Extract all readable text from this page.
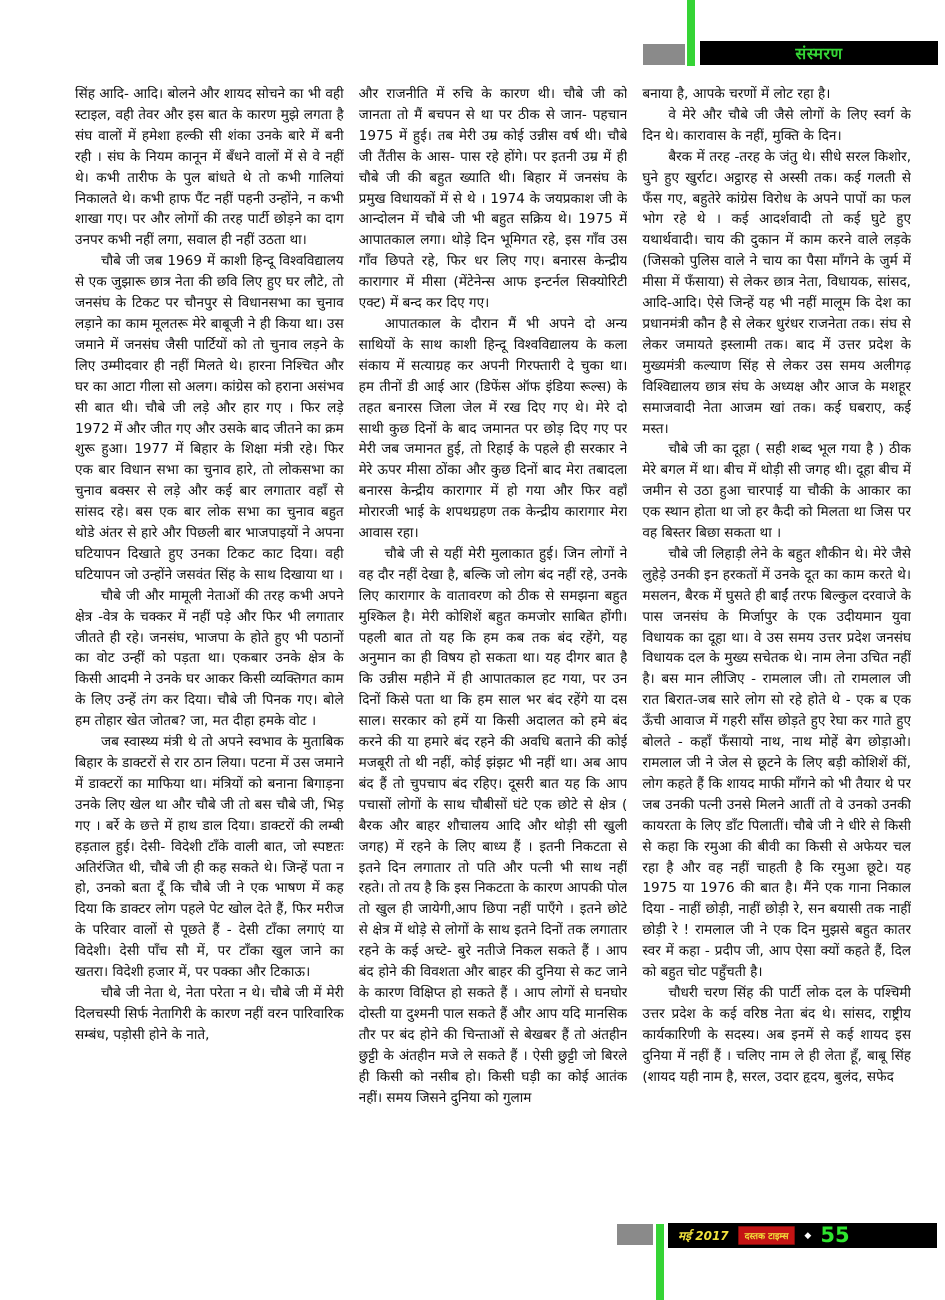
संस्मरण

सिंह आदि- आदि। बोलने और शायद सोचने का भी वही स्टाइल, वही तेवर और इस बात के कारण मुझे लगता है संघ वालों में हमेशा हल्की सी शंका उनके बारे में बनी रही । संघ के नियम कानून में बँधने वालों में से वे नहीं थे। कभी तारीफ के पुल बांधते थे तो कभी गालियां निकालते थे। कभी हाफ पैंट नहीं पहनी उन्होंने, न कभी शाखा गए। पर और लोगों की तरह पार्टी छोड़ने का दाग उनपर कभी नहीं लगा, सवाल ही नहीं उठता था।

चौबे जी जब 1969 में काशी हिन्दू विश्वविद्यालय से एक जुझारू छात्र नेता की छवि लिए हुए घर लौटे, तो जनसंघ के टिकट पर चौनपुर से विधानसभा का चुनाव लड़ाने का काम मूलतरू मेरे बाबूजी ने ही किया था। उस जमाने में जनसंघ जैसी पार्टियों को तो चुनाव लड़ने के लिए उम्मीदवार ही नहीं मिलते थे। हारना निश्चित और घर का आटा गीला सो अलग। कांग्रेस को हराना असंभव सी बात थी। चौबे जी लड़े और हार गए । फिर लड़े 1972 में और जीत गए और उसके बाद जीतने का क्रम शुरू हुआ। 1977 में बिहार के शिक्षा मंत्री रहे। फिर एक बार विधान सभा का चुनाव हारे, तो लोकसभा का चुनाव बक्सर से लड़े और कई बार लगातार वहाँ से सांसद रहे। बस एक बार लोक सभा का चुनाव बहुत थोडे अंतर से हारे और पिछली बार भाजपाइयों ने अपना घटियापन दिखाते हुए उनका टिकट काट दिया। वही घटियापन जो उन्होंने जसवंत सिंह के साथ दिखाया था ।

चौबे जी और मामूली नेताओं की तरह कभी अपने क्षेत्र -वेत्र के चक्कर में नहीं पड़े और फिर भी लगातार जीतते ही रहे। जनसंघ, भाजपा के होते हुए भी पठानों का वोट उन्हीं को पड़ता था। एकबार उनके क्षेत्र के किसी आदमी ने उनके घर आकर किसी व्यक्तिगत काम के लिए उन्हें तंग कर दिया। चौबे जी पिनक गए। बोले हम तोहार खेत जोतब? जा, मत दीहा हमके वोट ।

जब स्वास्थ्य मंत्री थे तो अपने स्वभाव के मुताबिक बिहार के डाक्टरों से रार ठान लिया। पटना में उस जमाने में डाक्टरों का माफिया था। मंत्रियों को बनाना बिगाड़ना उनके लिए खेल था और चौबे जी तो बस चौबे जी, भिड़ गए । बर्रे के छत्ते में हाथ डाल दिया। डाक्टरों की लम्बी हड़ताल हुई। देसी- विदेशी टाँके वाली बात, जो स्पष्टतः अतिरंजित थी, चौबे जी ही कह सकते थे। जिन्हें पता न हो, उनको बता दूँ कि चौबे जी ने एक भाषण में कह दिया कि डाक्टर लोग पहले पेट खोल देते हैं, फिर मरीज के परिवार वालों से पूछते हैं - देसी टाँका लगाएं या विदेशी। देसी पाँच सौ में, पर टाँका खुल जाने का खतरा। विदेशी हजार में, पर पक्का और टिकाऊ।

चौबे जी नेता थे, नेता परेता न थे। चौबे जी में मेरी दिलचस्पी सिर्फ नेतागिरी के कारण नहीं वरन पारिवारिक सम्बंध, पड़ोसी होने के नाते,

और राजनीति में रुचि के कारण थी। चौबे जी को जानता तो मैं बचपन से था पर ठीक से जान- पहचान 1975 में हुई। तब मेरी उम्र कोई उन्नीस वर्ष थी। चौबे जी तैंतीस के आस- पास रहे होंगे। पर इतनी उम्र में ही चौबे जी की बहुत ख्याति थी। बिहार में जनसंघ के प्रमुख विधायकों में से थे । 1974 के जयप्रकाश जी के आन्दोलन में चौबे जी भी बहुत सक्रिय थे। 1975 में आपातकाल लगा। थोड़े दिन भूमिगत रहे, इस गाँव उस गाँव छिपते रहे, फिर धर लिए गए। बनारस केन्द्रीय कारागार में मीसा (मेंटेनेन्स आफ इन्टर्नल सिक्योरिटी एक्ट) में बन्द कर दिए गए।

आपातकाल के दौरान मैं भी अपने दो अन्य साथियों के साथ काशी हिन्दू विश्वविद्यालय के कला संकाय में सत्याग्रह कर अपनी गिरफ्तारी दे चुका था। हम तीनों डी आई आर (डिफेंस ऑफ इंडिया रूल्स) के तहत बनारस जिला जेल में रख दिए गए थे। मेरे दो साथी कुछ दिनों के बाद जमानत पर छोड़ दिए गए पर मेरी जब जमानत हुई, तो रिहाई के पहले ही सरकार ने मेरे ऊपर मीसा ठोंका और कुछ दिनों बाद मेरा तबादला बनारस केन्द्रीय कारागार में हो गया और फिर वहाँ मोरारजी भाई के शपथग्रहण तक केन्द्रीय कारागार मेरा आवास रहा।

चौबे जी से यहीं मेरी मुलाकात हुई। जिन लोगों ने वह दौर नहीं देखा है, बल्कि जो लोग बंद नहीं रहे, उनके लिए कारागार के वातावरण को ठीक से समझना बहुत मुश्किल है। मेरी कोशिशें बहुत कमजोर साबित होंगी। पहली बात तो यह कि हम कब तक बंद रहेंगे, यह अनुमान का ही विषय हो सकता था। यह दीगर बात है कि उन्नीस महीने में ही आपातकाल हट गया, पर उन दिनों किसे पता था कि हम साल भर बंद रहेंगे या दस साल। सरकार को हमें या किसी अदालत को हमे बंद करने की या हमारे बंद रहने की अवधि बताने की कोई मजबूरी तो थी नहीं, कोई झंझट भी नहीं था। अब आप बंद हैं तो चुपचाप बंद रहिए। दूसरी बात यह कि आप पचासों लोगों के साथ चौबीसों घंटे एक छोटे से क्षेत्र ( बैरक और बाहर शौचालय आदि और थोड़ी सी खुली जगह) में रहने के लिए बाध्य हैं । इतनी निकटता से इतने दिन लगातार तो पति और पत्नी भी साथ नहीं रहते। तो तय है कि इस निकटता के कारण आपकी पोल तो खुल ही जायेगी,आप छिपा नहीं पाएँगे । इतने छोटे से क्षेत्र में थोड़े से लोगों के साथ इतने दिनों तक लगातार रहने के कई अच्टे- बुरे नतीजे निकल सकते हैं । आप बंद होने की विवशता और बाहर की दुनिया से कट जाने के कारण विक्षिप्त हो सकते हैं । आप लोगों से घनघोर दोस्ती या दुश्मनी पाल सकते हैं और आप यदि मानसिक तौर पर बंद होने की चिन्ताओं से बेखबर हैं तो अंतहीन छुट्टी के अंतहीन मजे ले सकते हैं । ऐसी छुट्टी जो बिरले ही किसी को नसीब हो। किसी घड़ी का कोई आतंक नहीं। समय जिसने दुनिया को गुलाम

बनाया है, आपके चरणों में लोट रहा है।

वे मेरे और चौबे जी जैसे लोगों के लिए स्वर्ग के दिन थे। कारावास के नहीं, मुक्ति के दिन।

बैरक में तरह -तरह के जंतु थे। सीधे सरल किशोर, घुने हुए खुर्राट। अट्ठारह से अस्सी तक। कई गलती से फँस गए, बहुतेरे कांग्रेस विरोध के अपने पापों का फल भोग रहे थे । कई आदर्शवादी तो कई घुटे हुए यथार्थवादी। चाय की दुकान में काम करने वाले लड़के (जिसको पुलिस वाले ने चाय का पैसा माँगने के जुर्म में मीसा में फँसाया) से लेकर छात्र नेता, विधायक, सांसद, आदि-आदि। ऐसे जिन्हें यह भी नहीं मालूम कि देश का प्रधानमंत्री कौन है से लेकर धुरंधर राजनेता तक। संघ से लेकर जमायते इस्लामी तक। बाद में उत्तर प्रदेश के मुख्यमंत्री कल्याण सिंह से लेकर उस समय अलीगढ़ विश्विद्यालय छात्र संघ के अध्यक्ष और आज के मशहूर समाजवादी नेता आजम खां तक। कई घबराए, कई मस्त।

चौबे जी का दूहा ( सही शब्द भूल गया है ) ठीक मेरे बगल में था। बीच में थोड़ी सी जगह थी। दूहा बीच में जमीन से उठा हुआ चारपाई या चौकी के आकार का एक स्थान होता था जो हर कैदी को मिलता था जिस पर वह बिस्तर बिछा सकता था ।

चौबे जी लिहाड़ी लेने के बहुत शौकीन थे। मेरे जैसे लुहेड़े उनकी इन हरकतों में उनके दूत का काम करते थे। मसलन, बैरक में घुसते ही बाईं तरफ बिल्कुल दरवाजे के पास जनसंघ के मिर्जापुर के एक उदीयमान युवा विधायक का दूहा था। वे उस समय उत्तर प्रदेश जनसंघ विधायक दल के मुख्य सचेतक थे। नाम लेना उचित नहीं है। बस मान लीजिए - रामलाल जी। तो रामलाल जी रात बिरात-जब सारे लोग सो रहे होते थे - एक ब एक ऊँची आवाज में गहरी साँस छोड़ते हुए रेघा कर गाते हुए बोलते - कहाँ फँसायो नाथ, नाथ मोहें बेग छोड़ाओ। रामलाल जी ने जेल से छूटने के लिए बड़ी कोशिशें कीं, लोग कहते हैं कि शायद माफी माँगने को भी तैयार थे पर जब उनकी पत्नी उनसे मिलने आतीं तो वे उनको उनकी कायरता के लिए डाँट पिलातीं। चौबे जी ने धीरे से किसी से कहा कि रमुआ की बीवी का किसी से अफेयर चल रहा है और वह नहीं चाहती है कि रमुआ छूटे। यह 1975 या 1976 की बात है। मैंने एक गाना निकाल दिया - नाहीं छोड़ी, नाहीं छोड़ी रे, सन बयासी तक नाहीं छोड़ी रे ! रामलाल जी ने एक दिन मुझसे बहुत कातर स्वर में कहा - प्रदीप जी, आप ऐसा क्यों कहते हैं, दिल को बहुत चोट पहुँचती है।

चौधरी चरण सिंह की पार्टी लोक दल के पश्चिमी उत्तर प्रदेश के कई वरिष्ठ नेता बंद थे। सांसद, राष्ट्रीय कार्यकारिणी के सदस्य। अब इनमें से कई शायद इस दुनिया में नहीं हैं । चलिए नाम ले ही लेता हूँ, बाबू सिंह (शायद यही नाम है, सरल, उदार हृदय, बुलंद, सफेद

मई 2017	दस्तक टाइम्स	◆ 55
